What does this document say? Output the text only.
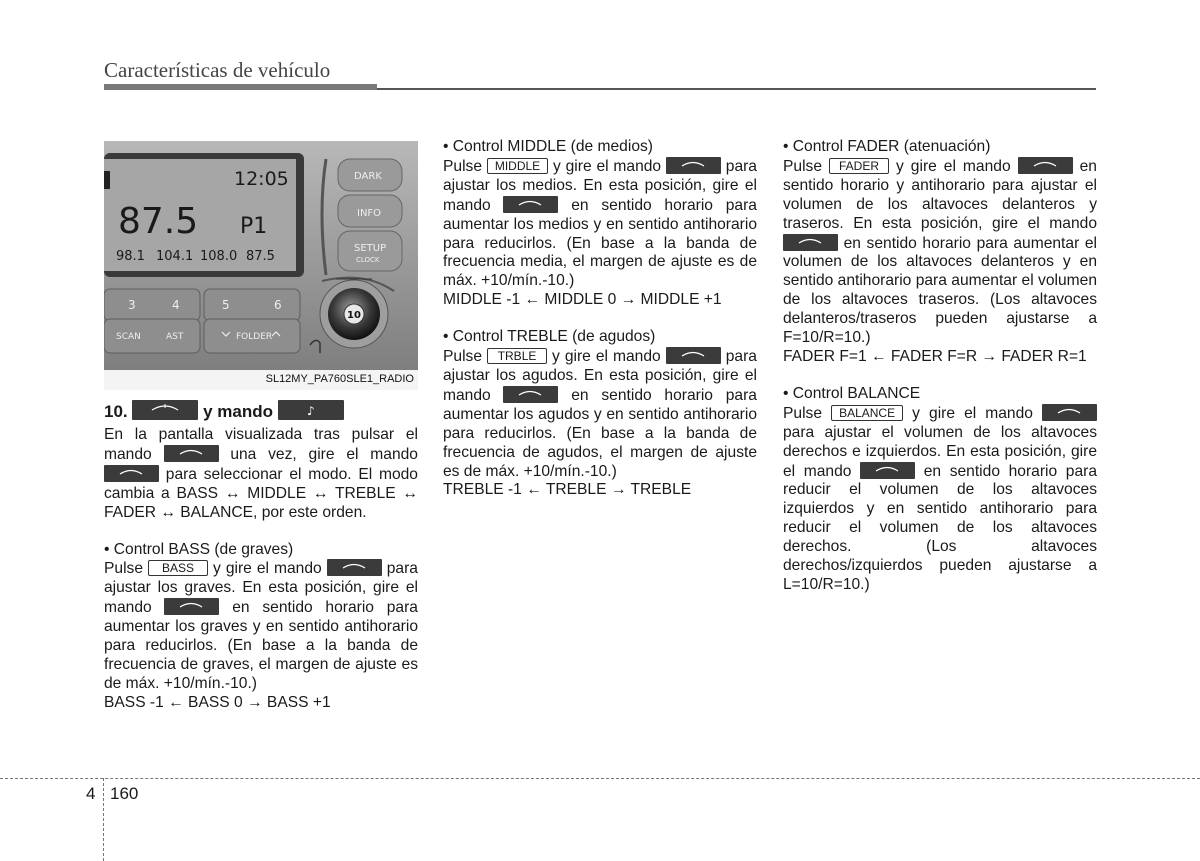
Características de vehículo
12:05
87.5 P1
98.1 104.1 108.0 87.5
DARK
INFO
SETUP
CLOCK
3	4	5	6
SCAN	AST	FOLDER
10
SL12MY_PA760SLE1_RADIO
10.	y mando	♪

En la pantalla visualizada tras pulsar el mando	una vez, gire el mando
para seleccionar el modo. El modo cambia a BASS ↔ MIDDLE ↔ TREBLE ↔ FADER ↔ BALANCE, por este orden.

• Control BASS (de graves)

Pulse BASS y gire el mando	para ajustar los graves. En esta posición, gire el mando	en sentido horario para aumentar los graves y en sentido antihorario para reducirlos. (En base a la banda de frecuencia de graves, el margen de ajuste es de máx. +10/mín.-10.)

BASS -1 ← BASS 0 → BASS +1

• Control MIDDLE (de medios)

Pulse MIDDLE y gire el mando	para ajustar los medios. En esta posición, gire el mando	en sentido horario para aumentar los medios y en sentido antihorario para reducirlos. (En base a la banda de frecuencia media, el margen de ajuste es de máx. +10/mín.-10.)

MIDDLE -1 ← MIDDLE 0 → MIDDLE +1

• Control TREBLE (de agudos)

Pulse TRBLE y gire el mando	para ajustar los agudos. En esta posición, gire el mando	en sentido horario para aumentar los agudos y en sentido antihorario para reducirlos. (En base a la banda de frecuencia de agudos, el margen de ajuste es de máx. +10/mín.-10.)

TREBLE -1 ← TREBLE → TREBLE

• Control FADER (atenuación)

Pulse FADER y gire el mando	en sentido horario y antihorario para ajustar el volumen de los altavoces delanteros y traseros. En esta posición, gire el mando
en sentido horario para aumentar el volumen de los altavoces delanteros y en sentido antihorario para aumentar el volumen de los altavoces traseros. (Los altavoces delanteros/traseros pueden ajustarse a F=10/R=10.)

FADER F=1 ← FADER F=R → FADER R=1

• Control BALANCE

Pulse BALANCE y gire el mando
para ajustar el volumen de los altavoces derechos e izquierdos. En esta posición, gire el mando	en sentido horario para reducir el volumen de los altavoces izquierdos y en sentido antihorario para reducir el volumen de los altavoces derechos. (Los altavoces derechos/izquierdos pueden ajustarse a L=10/R=10.)

4 160
